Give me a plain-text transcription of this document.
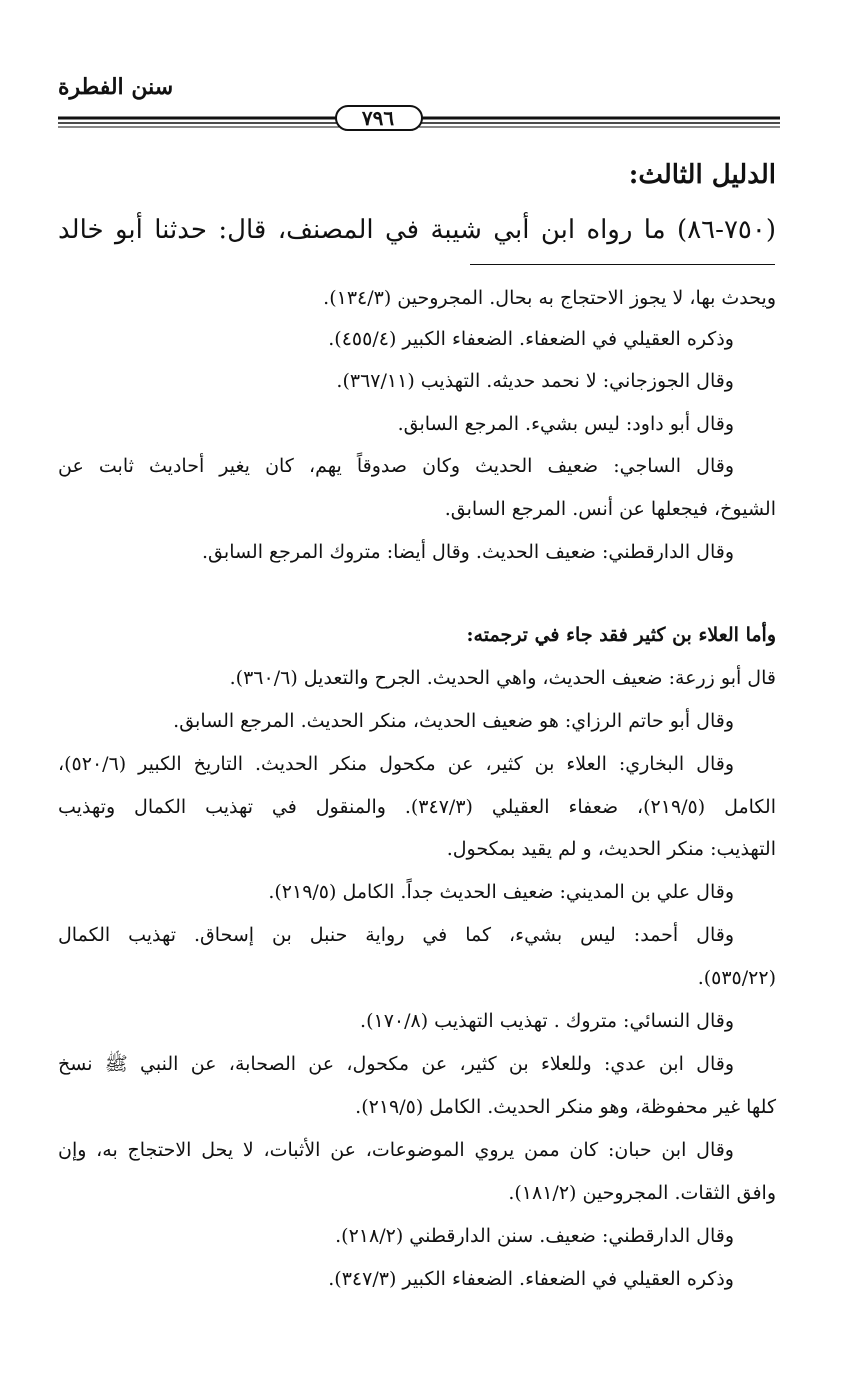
سنن الفطرة
٧٩٦
الدليل الثالث:
(٧٥٠-٨٦) ما رواه ابن أبي شيبة في المصنف، قال: حدثنا أبو خالد
ويحدث بها، لا يجوز الاحتجاج به بحال. المجروحين (١٣٤/٣).
وذكره العقيلي في الضعفاء. الضعفاء الكبير (٤٥٥/٤).
وقال الجوزجاني: لا نحمد حديثه. التهذيب (٣٦٧/١١).
وقال أبو داود: ليس بشيء. المرجع السابق.
وقال الساجي: ضعيف الحديث وكان صدوقاً يهم، كان يغير أحاديث ثابت عن
الشيوخ، فيجعلها عن أنس. المرجع السابق.
وقال الدارقطني: ضعيف الحديث. وقال أيضا: متروك المرجع السابق.
وأما العلاء بن كثير فقد جاء في ترجمته:
قال أبو زرعة: ضعيف الحديث، واهي الحديث. الجرح والتعديل (٣٦٠/٦).
وقال أبو حاتم الرزاي: هو ضعيف الحديث، منكر الحديث. المرجع السابق.
وقال البخاري: العلاء بن كثير، عن مكحول منكر الحديث. التاريخ الكبير (٥٢٠/٦)،
الكامل (٢١٩/٥)، ضعفاء العقيلي (٣٤٧/٣). والمنقول في تهذيب الكمال وتهذيب
التهذيب: منكر الحديث، و لم يقيد بمكحول.
وقال علي بن المديني: ضعيف الحديث جداً. الكامل (٢١٩/٥).
وقال أحمد: ليس بشيء، كما في رواية حنبل بن إسحاق. تهذيب الكمال
(٥٣٥/٢٢).
وقال النسائي: متروك . تهذيب التهذيب (١٧٠/٨).
وقال ابن عدي: وللعلاء بن كثير، عن مكحول، عن الصحابة، عن النبي ﷺ نسخ
كلها غير محفوظة، وهو منكر الحديث. الكامل (٢١٩/٥).
وقال ابن حبان: كان ممن يروي الموضوعات، عن الأثبات، لا يحل الاحتجاج به، وإن
وافق الثقات. المجروحين (١٨١/٢).
وقال الدارقطني: ضعيف. سنن الدارقطني (٢١٨/٢).
وذكره العقيلي في الضعفاء. الضعفاء الكبير (٣٤٧/٣).
